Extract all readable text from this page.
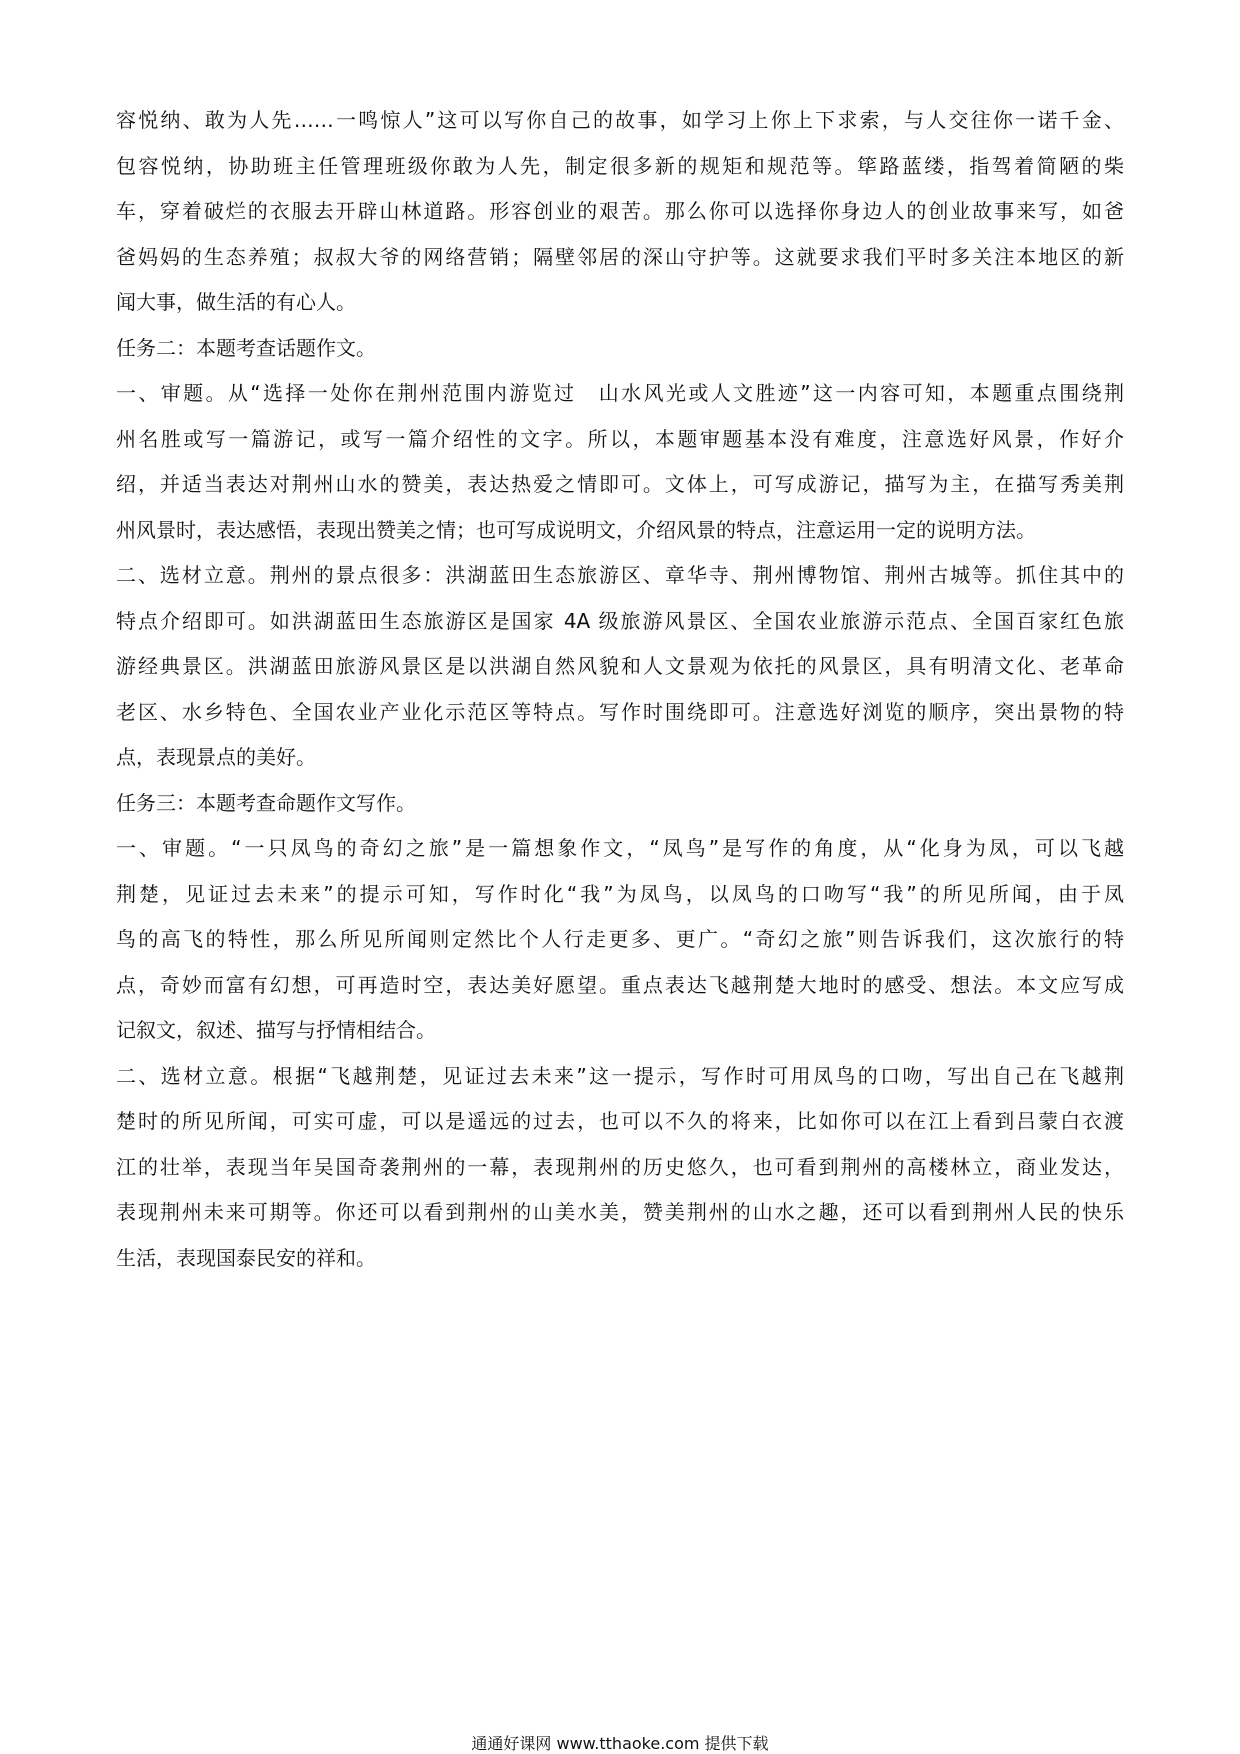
容悦纳、敢为人先……一鸣惊人”这可以写你自己的故事，如学习上你上下求索，与人交往你一诺千金、
包容悦纳，协助班主任管理班级你敢为人先，制定很多新的规矩和规范等。筚路蓝缕，指驾着简陋的柴
车，穿着破烂的衣服去开辟山林道路。形容创业的艰苦。那么你可以选择你身边人的创业故事来写，如爸
爸妈妈的生态养殖；叔叔大爷的网络营销；隔壁邻居的深山守护等。这就要求我们平时多关注本地区的新
闻大事，做生活的有心人。
任务二：本题考查话题作文。
一、审题。从“选择一处你在荆州范围内游览过　山水风光或人文胜迹”这一内容可知，本题重点围绕荆
州名胜或写一篇游记，或写一篇介绍性的文字。所以，本题审题基本没有难度，注意选好风景，作好介
绍，并适当表达对荆州山水的赞美，表达热爱之情即可。文体上，可写成游记，描写为主，在描写秀美荆
州风景时，表达感悟，表现出赞美之情；也可写成说明文，介绍风景的特点，注意运用一定的说明方法。
二、选材立意。荆州的景点很多：洪湖蓝田生态旅游区、章华寺、荆州博物馆、荆州古城等。抓住其中的
特点介绍即可。如洪湖蓝田生态旅游区是国家 4A 级旅游风景区、全国农业旅游示范点、全国百家红色旅
游经典景区。洪湖蓝田旅游风景区是以洪湖自然风貌和人文景观为依托的风景区，具有明清文化、老革命
老区、水乡特色、全国农业产业化示范区等特点。写作时围绕即可。注意选好浏览的顺序，突出景物的特
点，表现景点的美好。
任务三：本题考查命题作文写作。
一、审题。“一只凤鸟的奇幻之旅”是一篇想象作文，“凤鸟”是写作的角度，从“化身为凤，可以飞越
荆楚，见证过去未来”的提示可知，写作时化“我”为凤鸟，以凤鸟的口吻写“我”的所见所闻，由于凤
鸟的高飞的特性，那么所见所闻则定然比个人行走更多、更广。“奇幻之旅”则告诉我们，这次旅行的特
点，奇妙而富有幻想，可再造时空，表达美好愿望。重点表达飞越荆楚大地时的感受、想法。本文应写成
记叙文，叙述、描写与抒情相结合。
二、选材立意。根据“飞越荆楚，见证过去未来”这一提示，写作时可用凤鸟的口吻，写出自己在飞越荆
楚时的所见所闻，可实可虚，可以是遥远的过去，也可以不久的将来，比如你可以在江上看到吕蒙白衣渡
江的壮举，表现当年吴国奇袭荆州的一幕，表现荆州的历史悠久，也可看到荆州的高楼林立，商业发达，
表现荆州未来可期等。你还可以看到荆州的山美水美，赞美荆州的山水之趣，还可以看到荆州人民的快乐
生活，表现国泰民安的祥和。
通通好课网 www.tthaoke.com 提供下载
